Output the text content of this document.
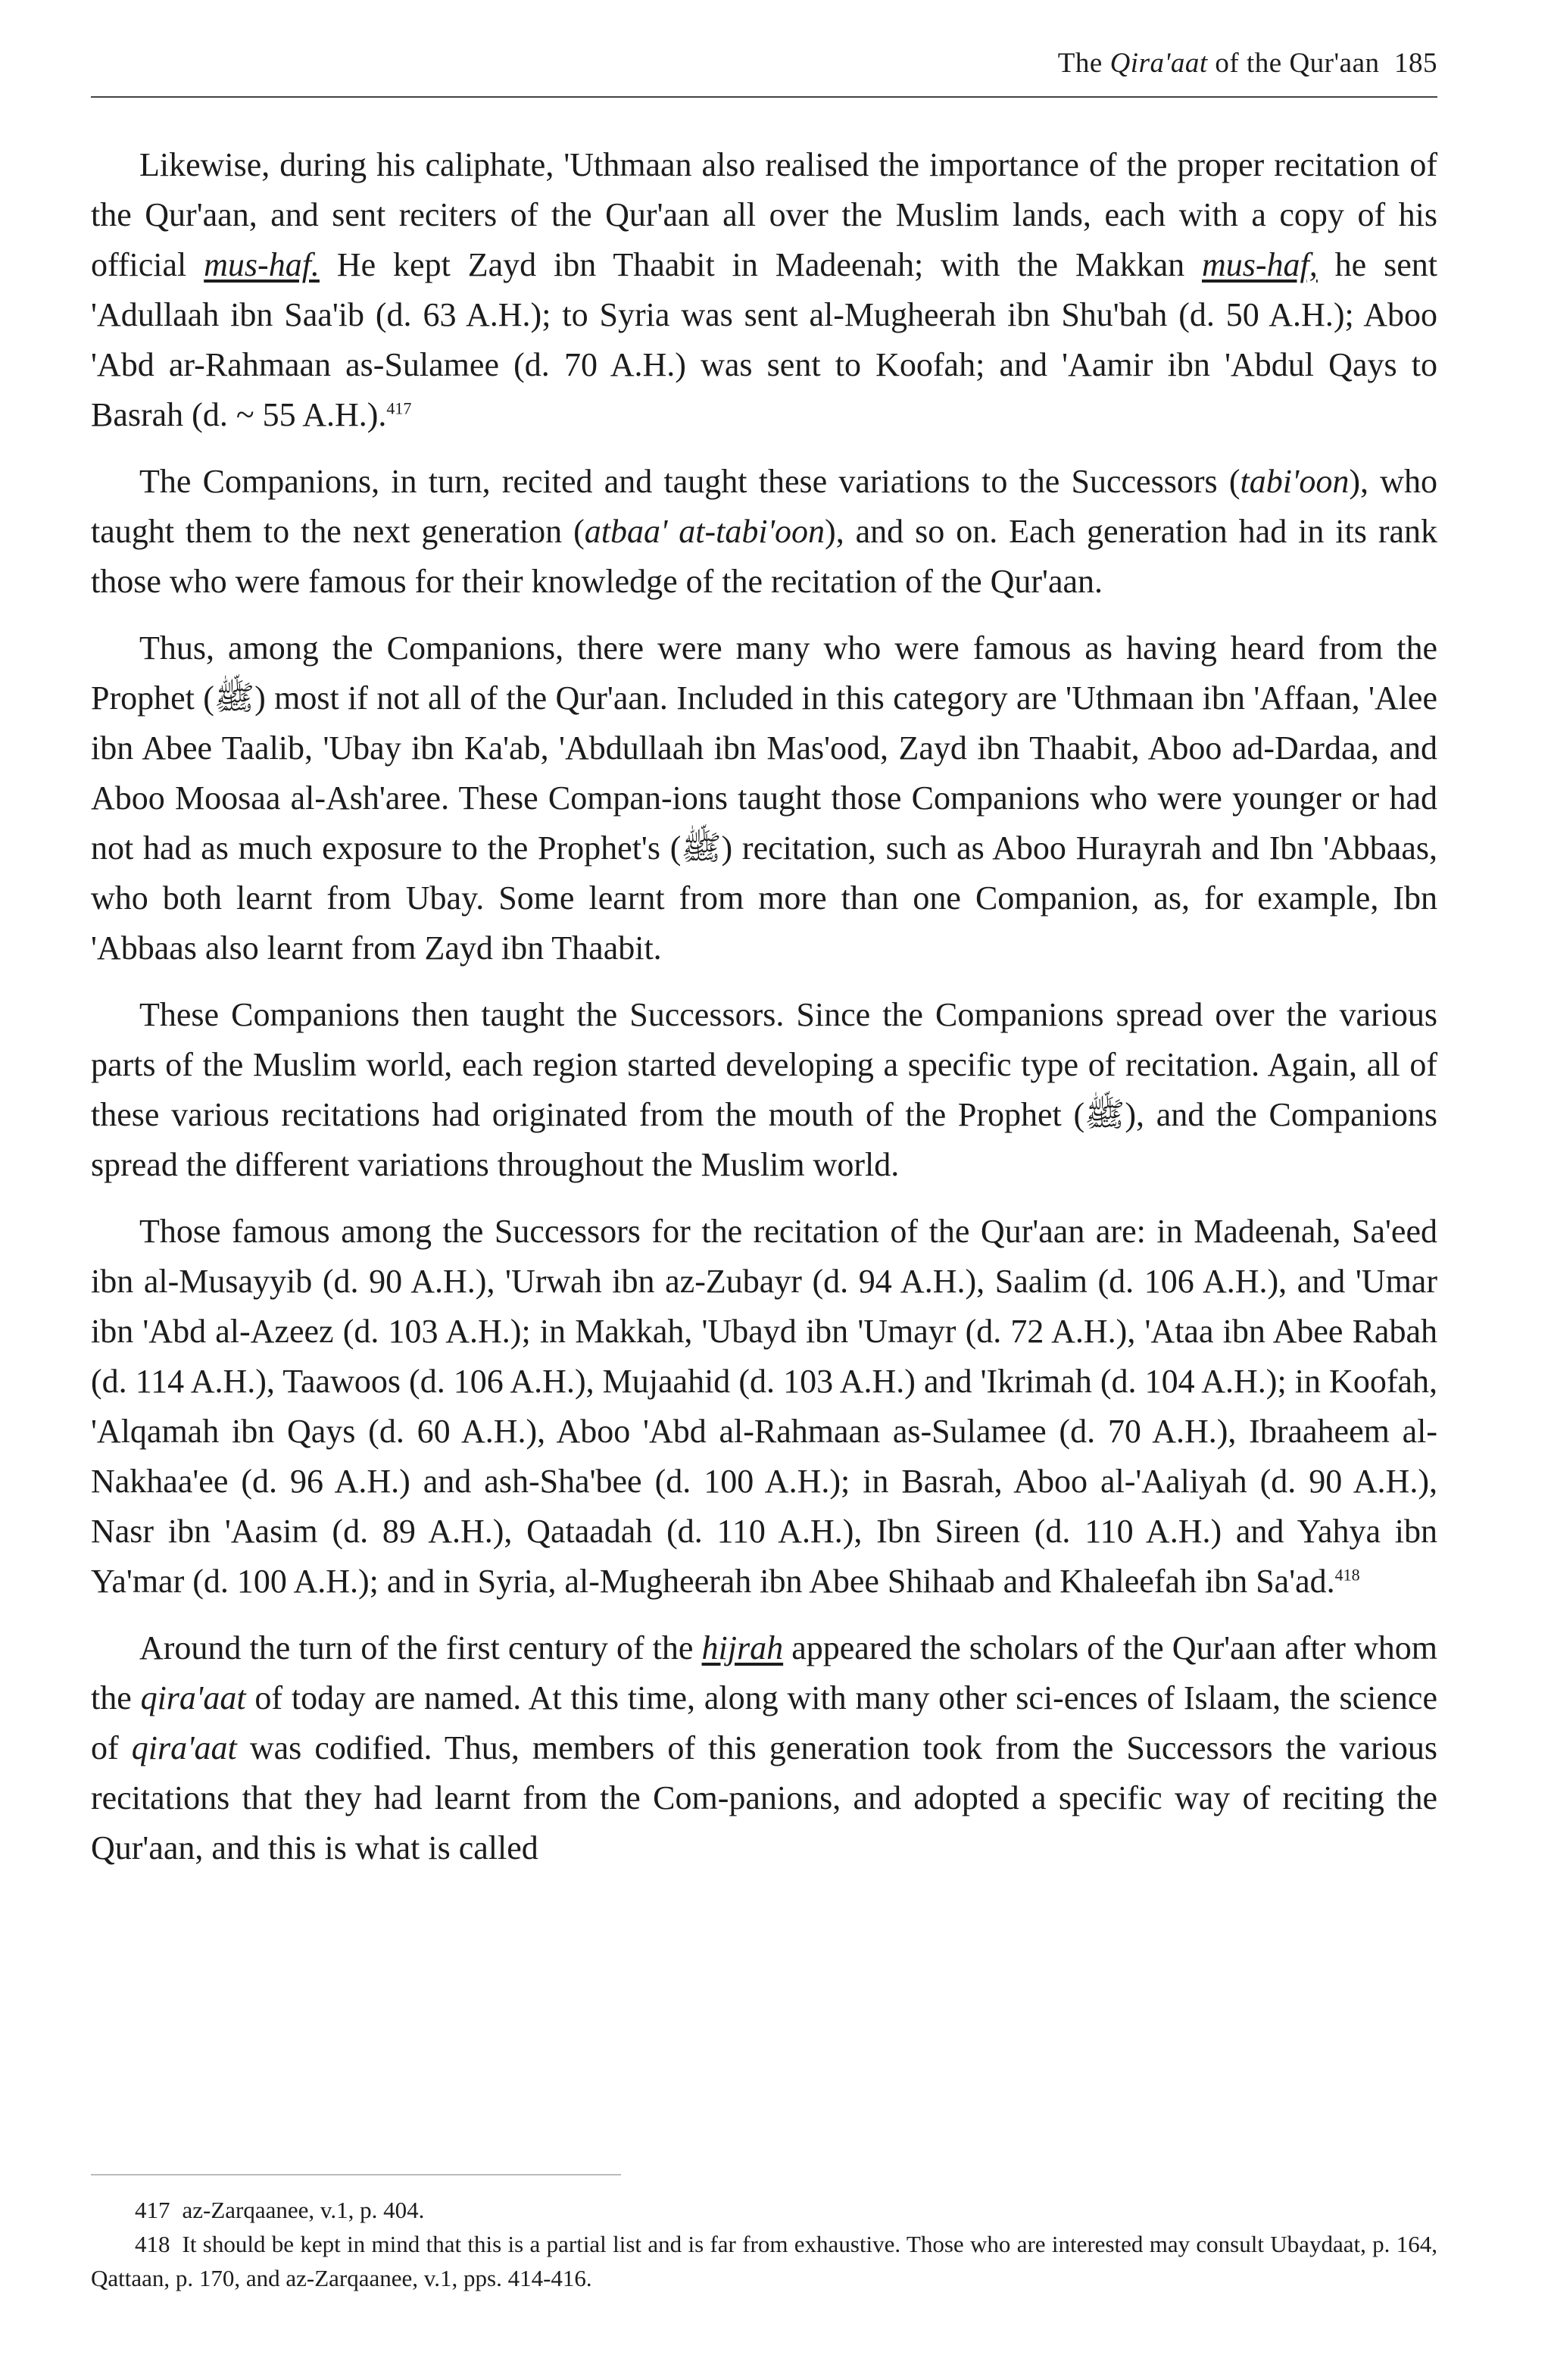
The Qira'aat of the Qur'aan 185

Likewise, during his caliphate, 'Uthmaan also realised the importance of the proper recitation of the Qur'aan, and sent reciters of the Qur'aan all over the Muslim lands, each with a copy of his official mus-haf. He kept Zayd ibn Thaabit in Madeenah; with the Makkan mus-haf, he sent 'Adullaah ibn Saa'ib (d. 63 A.H.); to Syria was sent al-Mugheerah ibn Shu'bah (d. 50 A.H.); Aboo 'Abd ar-Rahmaan as-Sulamee (d. 70 A.H.) was sent to Koofah; and 'Aamir ibn 'Abdul Qays to Basrah (d. ~ 55 A.H.).$^{417}$

The Companions, in turn, recited and taught these variations to the Successors (tabi'oon), who taught them to the next generation (atbaa' at-tabi'oon), and so on. Each generation had in its rank those who were famous for their knowledge of the recitation of the Qur'aan.

Thus, among the Companions, there were many who were famous as having heard from the Prophet (ﷺ) most if not all of the Qur'aan. Included in this category are 'Uthmaan ibn 'Affaan, 'Alee ibn Abee Taalib, 'Ubay ibn Ka'ab, 'Abdullaah ibn Mas'ood, Zayd ibn Thaabit, Aboo ad-Dardaa, and Aboo Moosaa al-Ash'aree. These Compan-ions taught those Companions who were younger or had not had as much exposure to the Prophet's (ﷺ) recitation, such as Aboo Hurayrah and Ibn 'Abbaas, who both learnt from Ubay. Some learnt from more than one Companion, as, for example, Ibn 'Abbaas also learnt from Zayd ibn Thaabit.

These Companions then taught the Successors. Since the Companions spread over the various parts of the Muslim world, each region started developing a specific type of recitation. Again, all of these various recitations had originated from the mouth of the Prophet (ﷺ), and the Companions spread the different variations throughout the Muslim world.

Those famous among the Successors for the recitation of the Qur'aan are: in Madeenah, Sa'eed ibn al-Musayyib (d. 90 A.H.), 'Urwah ibn az-Zubayr (d. 94 A.H.), Saalim (d. 106 A.H.), and 'Umar ibn 'Abd al-Azeez (d. 103 A.H.); in Makkah, 'Ubayd ibn 'Umayr (d. 72 A.H.), 'Ataa ibn Abee Rabah (d. 114 A.H.), Taawoos (d. 106 A.H.), Mujaahid (d. 103 A.H.) and 'Ikrimah (d. 104 A.H.); in Koofah, 'Alqamah ibn Qays (d. 60 A.H.), Aboo 'Abd al-Rahmaan as-Sulamee (d. 70 A.H.), Ibraaheem al-Nakhaa'ee (d. 96 A.H.) and ash-Sha'bee (d. 100 A.H.); in Basrah, Aboo al-'Aaliyah (d. 90 A.H.), Nasr ibn 'Aasim (d. 89 A.H.), Qataadah (d. 110 A.H.), Ibn Sireen (d. 110 A.H.) and Yahya ibn Ya'mar (d. 100 A.H.); and in Syria, al-Mugheerah ibn Abee Shihaab and Khaleefah ibn Sa'ad.$^{418}$

Around the turn of the first century of the hijrah appeared the scholars of the Qur'aan after whom the qira'aat of today are named. At this time, along with many other sci-ences of Islaam, the science of qira'aat was codified. Thus, members of this generation took from the Successors the various recitations that they had learnt from the Com-panions, and adopted a specific way of reciting the Qur'aan, and this is what is called

417 az-Zarqaanee, v.1, p. 404.

418 It should be kept in mind that this is a partial list and is far from exhaustive. Those who are interested may consult Ubaydaat, p. 164, Qattaan, p. 170, and az-Zarqaanee, v.1, pps. 414-416.
